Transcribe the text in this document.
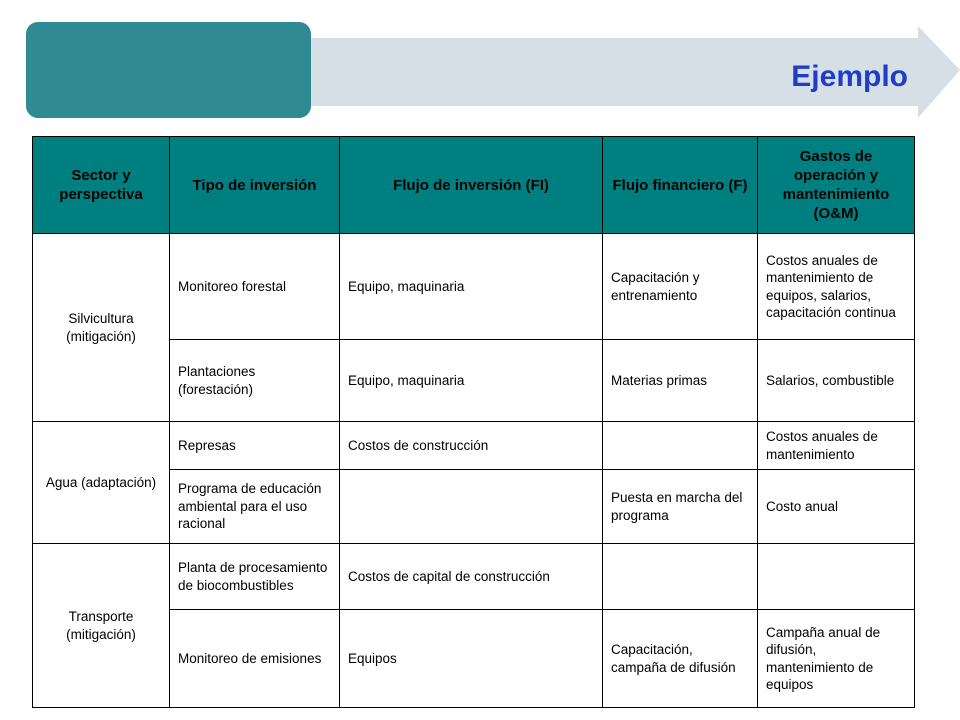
Ejemplo
Sector y perspectiva	Tipo de inversión	Flujo de inversión (FI)	Flujo financiero (F)	Gastos de operación y mantenimiento (O&M)
Silvicultura (mitigación)	Monitoreo forestal	Equipo, maquinaria	Capacitación y entrenamiento	Costos anuales de mantenimiento de equipos, salarios, capacitación continua
	Plantaciones (forestación)	Equipo, maquinaria	Materias primas	Salarios, combustible
Agua (adaptación)	Represas	Costos de construcción		Costos anuales de mantenimiento
	Programa de educación ambiental para el uso racional		Puesta en marcha del programa	Costo anual
Transporte (mitigación)	Planta de procesamiento de biocombustibles	Costos de capital de construcción		
	Monitoreo de emisiones	Equipos	Capacitación, campaña de difusión	Campaña anual de difusión, mantenimiento de equipos
